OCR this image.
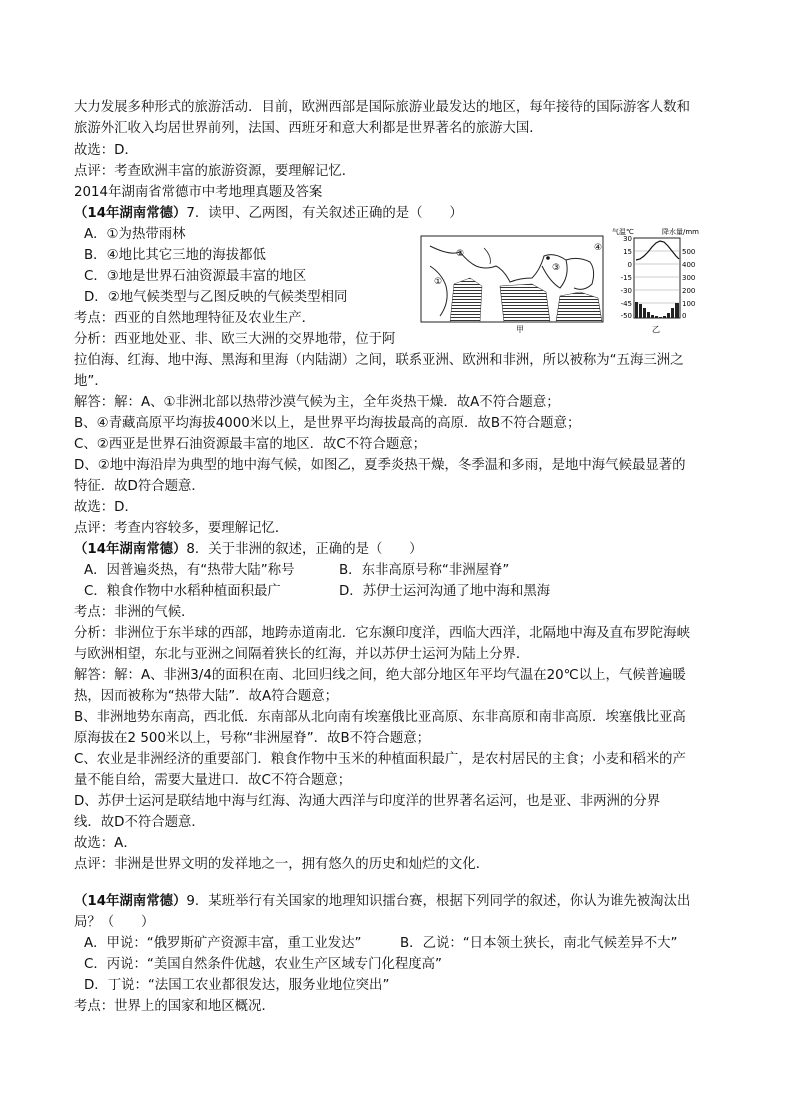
大力发展多种形式的旅游活动．目前，欧洲西部是国际旅游业最发达的地区，每年接待的国际游客人数和
旅游外汇收入均居世界前列，法国、西班牙和意大利都是世界著名的旅游大国．
故选：D．
点评：考查欧洲丰富的旅游资源，要理解记忆．
2014年湖南省常德市中考地理真题及答案
（14年湖南常德）7．读甲、乙两图，有关叙述正确的是（　　）
A．①为热带雨林
B．④地比其它三地的海拔都低
C．③地是世界石油资源最丰富的地区
D．②地气候类型与乙图反映的气候类型相同
考点：西亚的自然地理特征及农业生产．
分析：西亚地处亚、非、欧三大洲的交界地带，位于阿
拉伯海、红海、地中海、黑海和里海（内陆湖）之间，联系亚洲、欧洲和非洲，所以被称为“五海三洲之
地”．
解答：解：A、①非洲北部以热带沙漠气候为主，全年炎热干燥．故A不符合题意；
B、④青藏高原平均海拔4000米以上，是世界平均海拔最高的高原．故B不符合题意；
C、②西亚是世界石油资源最丰富的地区．故C不符合题意；
D、②地中海沿岸为典型的地中海气候，如图乙，夏季炎热干燥，冬季温和多雨，是地中海气候最显著的
特征．故D符合题意．
故选：D．
点评：考查内容较多，要理解记忆．
（14年湖南常德）8．关于非洲的叙述，正确的是（　　）
A．因普遍炎热，有“热带大陆”称号	B．东非高原号称“非洲屋脊”
C．粮食作物中水稻种植面积最广	D．苏伊士运河沟通了地中海和黑海
考点：非洲的气候．
分析：非洲位于东半球的西部，地跨赤道南北．它东濒印度洋，西临大西洋，北隔地中海及直布罗陀海峡
与欧洲相望，东北与亚洲之间隔着狭长的红海，并以苏伊士运河为陆上分界．
解答：解：A、非洲3/4的面积在南、北回归线之间，绝大部分地区年平均气温在20℃以上，气候普遍暖
热，因而被称为“热带大陆”．故A符合题意；
B、非洲地势东南高，西北低．东南部从北向南有埃塞俄比亚高原、东非高原和南非高原．埃塞俄比亚高
原海拔在2 500米以上，号称“非洲屋脊”．故B不符合题意；
C、农业是非洲经济的重要部门．粮食作物中玉米的种植面积最广，是农村居民的主食；小麦和稻米的产
量不能自给，需要大量进口．故C不符合题意；
D、苏伊士运河是联结地中海与红海、沟通大西洋与印度洋的世界著名运河，也是亚、非两洲的分界
线．故D不符合题意．
故选：A．
点评：非洲是世界文明的发祥地之一，拥有悠久的历史和灿烂的文化．
（14年湖南常德）9．某班举行有关国家的地理知识擂台赛，根据下列同学的叙述，你认为谁先被淘汰出
局？（　　）
A．甲说：“俄罗斯矿产资源丰富，重工业发达”	B．乙说：“日本领土狭长，南北气候差异不大”
C．丙说：“美国自然条件优越，农业生产区域专门化程度高”
D．丁说：“法国工农业都很发达，服务业地位突出”
考点：世界上的国家和地区概况．
①
②
③
④
甲
气温℃	降水量/mm
30
15
0
-15
-30
-45
-50
500
400
300
200
100
0
乙
